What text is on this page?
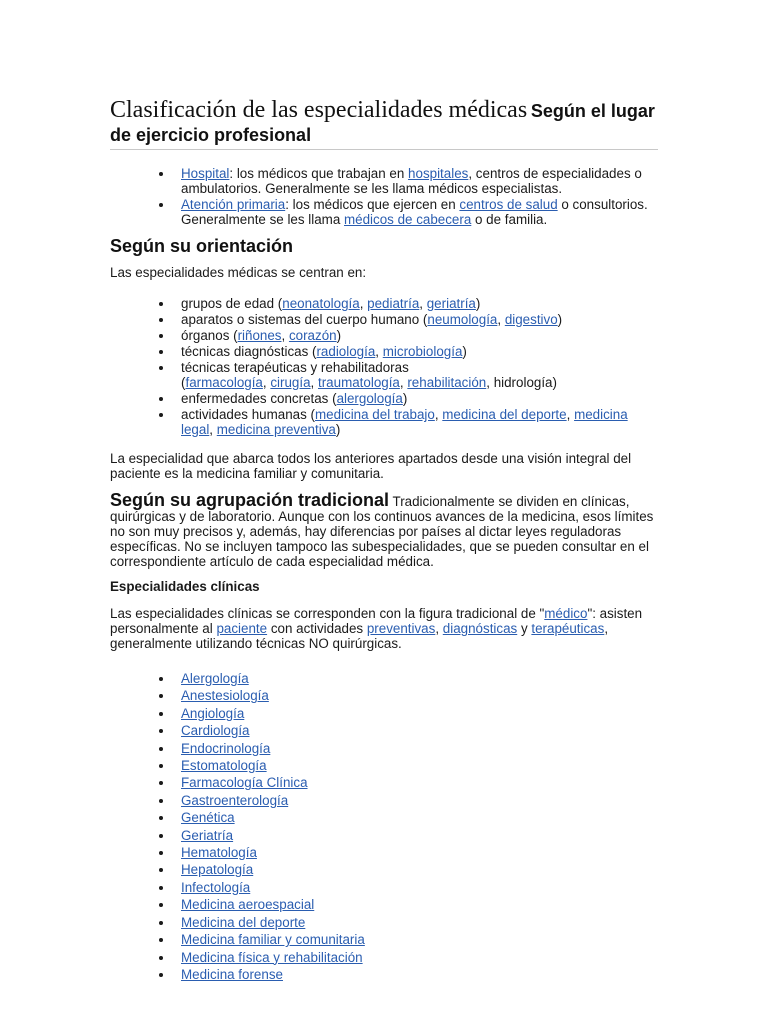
Clasificación de las especialidades médicas Según el lugar de ejercicio profesional
Hospital: los médicos que trabajan en hospitales, centros de especialidades o ambulatorios. Generalmente se les llama médicos especialistas.
Atención primaria: los médicos que ejercen en centros de salud o consultorios. Generalmente se les llama médicos de cabecera o de familia.
Según su orientación

Las especialidades médicas se centran en:

grupos de edad (neonatología, pediatría, geriatría)
aparatos o sistemas del cuerpo humano (neumología, digestivo)
órganos (riñones, corazón)
técnicas diagnósticas (radiología, microbiología)
técnicas terapéuticas y rehabilitadoras
(farmacología, cirugía, traumatología, rehabilitación, hidrología)
enfermedades concretas (alergología)
actividades humanas (medicina del trabajo, medicina del deporte, medicina legal, medicina preventiva)

La especialidad que abarca todos los anteriores apartados desde una visión integral del paciente es la medicina familiar y comunitaria.

Según su agrupación tradicional Tradicionalmente se dividen en clínicas, quirúrgicas y de laboratorio. Aunque con los continuos avances de la medicina, esos límites no son muy precisos y, además, hay diferencias por países al dictar leyes reguladoras específicas. No se incluyen tampoco las subespecialidades, que se pueden consultar en el correspondiente artículo de cada especialidad médica.

Especialidades clínicas

Las especialidades clínicas se corresponden con la figura tradicional de "médico": asisten personalmente al paciente con actividades preventivas, diagnósticas y terapéuticas, generalmente utilizando técnicas NO quirúrgicas.

Alergología
Anestesiología
Angiología
Cardiología
Endocrinología
Estomatología
Farmacología Clínica
Gastroenterología
Genética
Geriatría
Hematología
Hepatología
Infectología
Medicina aeroespacial
Medicina del deporte
Medicina familiar y comunitaria
Medicina física y rehabilitación
Medicina forense
